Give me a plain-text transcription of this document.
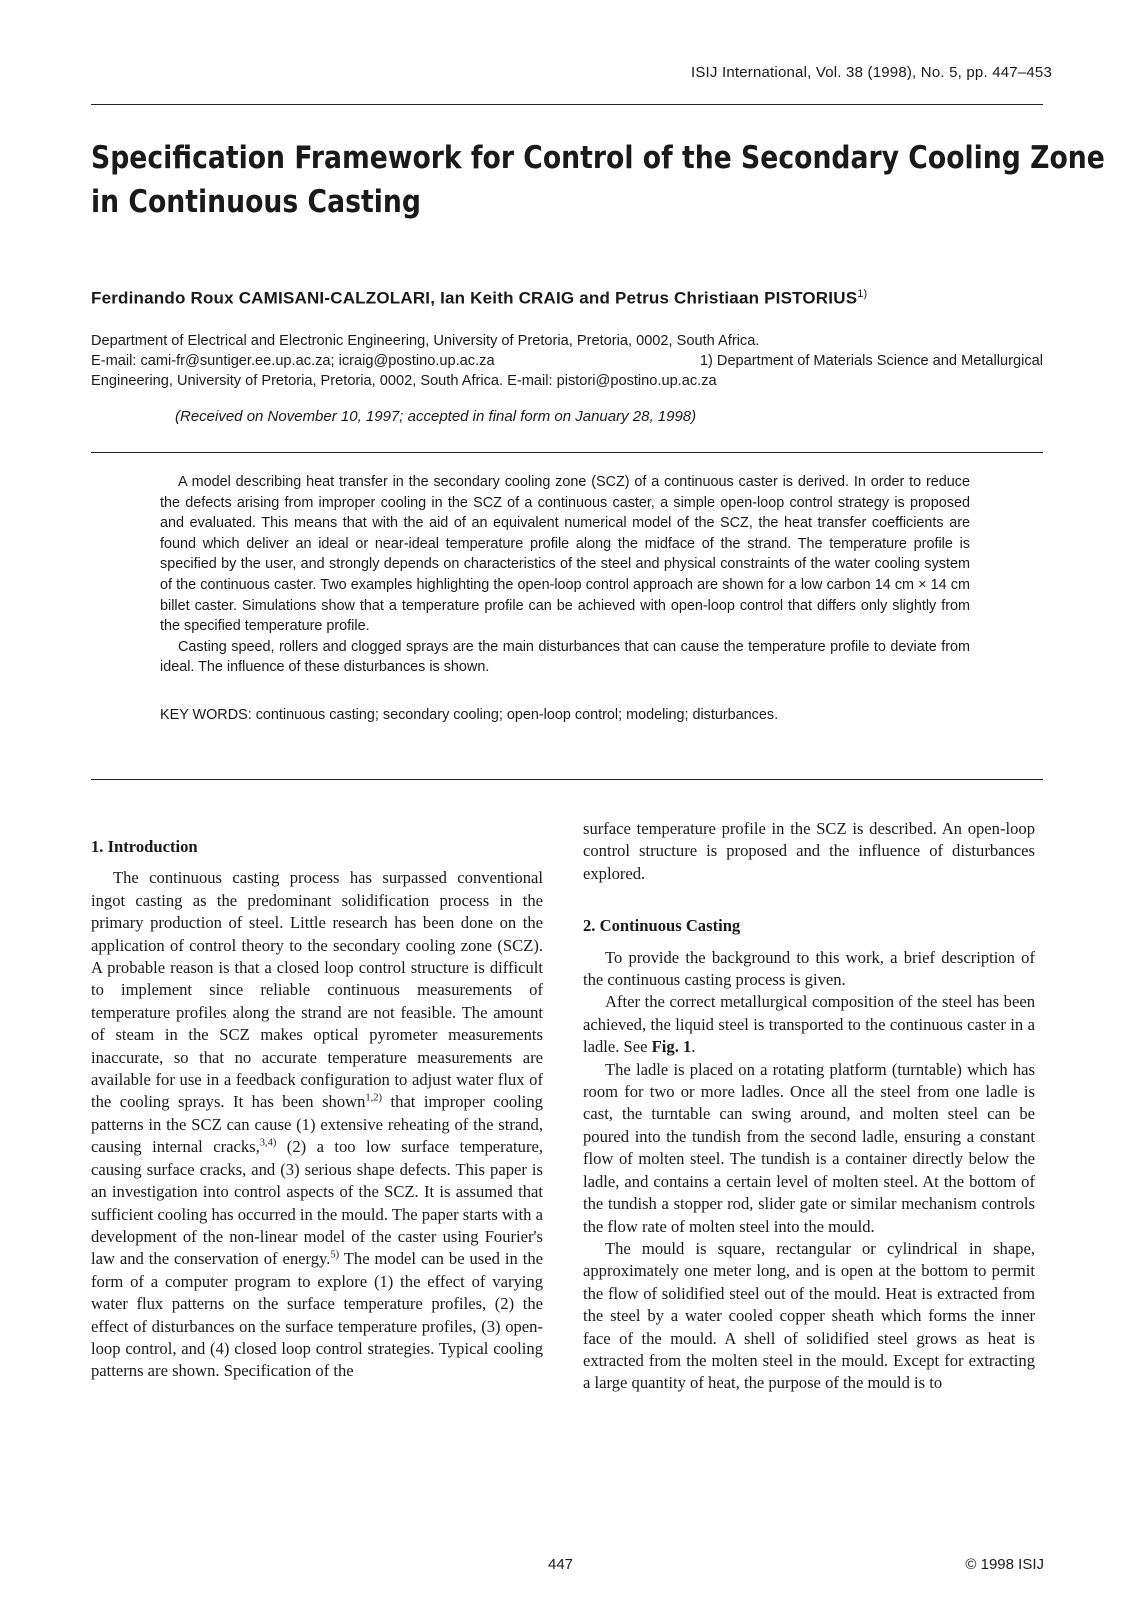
ISIJ International, Vol. 38 (1998), No. 5, pp. 447–453
Specification Framework for Control of the Secondary Cooling Zone
in Continuous Casting
Ferdinando Roux CAMISANI-CALZOLARI, Ian Keith CRAIG and Petrus Christiaan PISTORIUS$^{1)}$
Department of Electrical and Electronic Engineering, University of Pretoria, Pretoria, 0002, South Africa.
E-mail: cami-fr@suntiger.ee.up.ac.za; icraig@postino.up.ac.za	1) Department of Materials Science and Metallurgical
Engineering, University of Pretoria, Pretoria, 0002, South Africa. E-mail: pistori@postino.up.ac.za
(Received on November 10, 1997; accepted in final form on January 28, 1998)

A model describing heat transfer in the secondary cooling zone (SCZ) of a continuous caster is derived. In order to reduce the defects arising from improper cooling in the SCZ of a continuous caster, a simple open-loop control strategy is proposed and evaluated. This means that with the aid of an equivalent numerical model of the SCZ, the heat transfer coefficients are found which deliver an ideal or near-ideal temperature profile along the midface of the strand. The temperature profile is specified by the user, and strongly depends on characteristics of the steel and physical constraints of the water cooling system of the continuous caster. Two examples highlighting the open-loop control approach are shown for a low carbon 14 cm × 14 cm billet caster. Simulations show that a temperature profile can be achieved with open-loop control that differs only slightly from the specified temperature profile.

Casting speed, rollers and clogged sprays are the main disturbances that can cause the temperature profile to deviate from ideal. The influence of these disturbances is shown.

KEY WORDS: continuous casting; secondary cooling; open-loop control; modeling; disturbances.
1. Introduction

The continuous casting process has surpassed conventional ingot casting as the predominant solidification process in the primary production of steel. Little research has been done on the application of control theory to the secondary cooling zone (SCZ). A probable reason is that a closed loop control structure is difficult to implement since reliable continuous measurements of temperature profiles along the strand are not feasible. The amount of steam in the SCZ makes optical pyrometer measurements inaccurate, so that no accurate temperature measurements are available for use in a feedback configuration to adjust water flux of the cooling sprays. It has been shown$^{1,2)}$ that improper cooling patterns in the SCZ can cause (1) extensive reheating of the strand, causing internal cracks,$^{3,4)}$ (2) a too low surface temperature, causing surface cracks, and (3) serious shape defects. This paper is an investigation into control aspects of the SCZ. It is assumed that sufficient cooling has occurred in the mould. The paper starts with a development of the non-linear model of the caster using Fourier's law and the conservation of energy.$^{5)}$ The model can be used in the form of a computer program to explore (1) the effect of varying water flux patterns on the surface temperature profiles, (2) the effect of disturbances on the surface temperature profiles, (3) open-loop control, and (4) closed loop control strategies. Typical cooling patterns are shown. Specification of the

surface temperature profile in the SCZ is described. An open-loop control structure is proposed and the influence of disturbances explored.

2. Continuous Casting

To provide the background to this work, a brief description of the continuous casting process is given.

After the correct metallurgical composition of the steel has been achieved, the liquid steel is transported to the continuous caster in a ladle. See Fig. 1.

The ladle is placed on a rotating platform (turntable) which has room for two or more ladles. Once all the steel from one ladle is cast, the turntable can swing around, and molten steel can be poured into the tundish from the second ladle, ensuring a constant flow of molten steel. The tundish is a container directly below the ladle, and contains a certain level of molten steel. At the bottom of the tundish a stopper rod, slider gate or similar mechanism controls the flow rate of molten steel into the mould.

The mould is square, rectangular or cylindrical in shape, approximately one meter long, and is open at the bottom to permit the flow of solidified steel out of the mould. Heat is extracted from the steel by a water cooled copper sheath which forms the inner face of the mould. A shell of solidified steel grows as heat is extracted from the molten steel in the mould. Except for extracting a large quantity of heat, the purpose of the mould is to

447	© 1998 ISIJ
